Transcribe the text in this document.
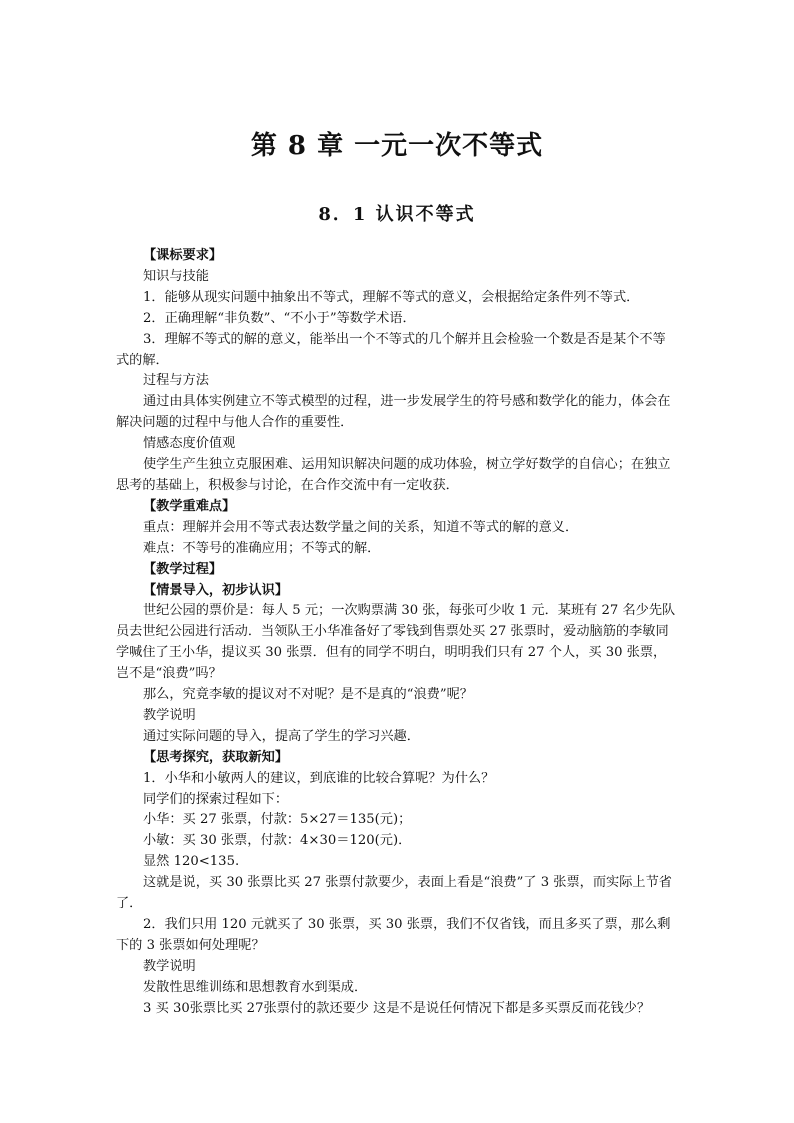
第 8 章 一元一次不等式
8．1 认识不等式

【课标要求】

知识与技能

1．能够从现实问题中抽象出不等式，理解不等式的意义，会根据给定条件列不等式．

2．正确理解“非负数”、“不小于”等数学术语．

3．理解不等式的解的意义，能举出一个不等式的几个解并且会检验一个数是否是某个不等式的解．

过程与方法

通过由具体实例建立不等式模型的过程，进一步发展学生的符号感和数学化的能力，体会在解决问题的过程中与他人合作的重要性．

情感态度价值观

使学生产生独立克服困难、运用知识解决问题的成功体验，树立学好数学的自信心；在独立思考的基础上，积极参与讨论，在合作交流中有一定收获．

【教学重难点】

重点：理解并会用不等式表达数学量之间的关系，知道不等式的解的意义．

难点：不等号的准确应用；不等式的解．

【教学过程】

【情景导入，初步认识】

世纪公园的票价是：每人 5 元；一次购票满 30 张，每张可少收 1 元．某班有 27 名少先队员去世纪公园进行活动．当领队王小华准备好了零钱到售票处买 27 张票时，爱动脑筋的李敏同学喊住了王小华，提议买 30 张票．但有的同学不明白，明明我们只有 27 个人，买 30 张票，岂不是“浪费”吗？

那么，究竟李敏的提议对不对呢？是不是真的“浪费”呢？

教学说明

通过实际问题的导入，提高了学生的学习兴趣．

【思考探究，获取新知】

1．小华和小敏两人的建议，到底谁的比较合算呢？为什么？

同学们的探索过程如下：

小华：买 27 张票，付款：5×27＝135(元)；

小敏：买 30 张票，付款：4×30＝120(元)．

显然 120<135.

这就是说，买 30 张票比买 27 张票付款要少，表面上看是“浪费”了 3 张票，而实际上节省了．

2．我们只用 120 元就买了 30 张票，买 30 张票，我们不仅省钱，而且多买了票，那么剩下的 3 张票如何处理呢？

教学说明

发散性思维训练和思想教育水到渠成．

3 买 30张票比买 27张票付的款还要少 这是不是说任何情况下都是多买票反而花钱少？
